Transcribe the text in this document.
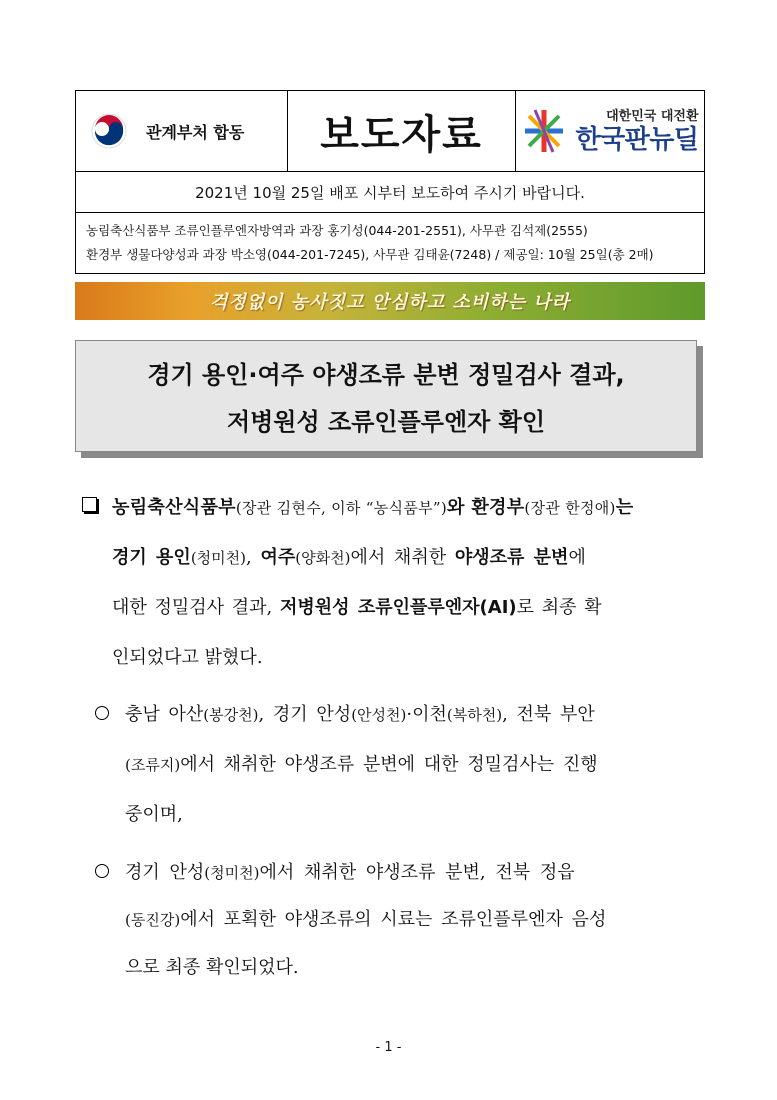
관계부처 합동 보도자료	대한민국 대전환
한국판뉴딜
2021년 10월 25일 배포 시부터 보도하여 주시기 바랍니다.
농림축산식품부 조류인플루엔자방역과 과장 홍기성(044-201-2551), 사무관 김석제(2555)
환경부 생물다양성과 과장 박소영(044-201-7245), 사무관 김태윤(7248) / 제공일: 10월 25일(총 2매)
걱정없이 농사짓고 안심하고 소비하는 나라
경기 용인·여주 야생조류 분변 정밀검사 결과,
저병원성 조류인플루엔자 확인
농림축산식품부(장관 김현수, 이하 “농식품부”)와 환경부(장관 한정애)는
경기 용인(청미천), 여주(양화천)에서 채취한 야생조류 분변에
대한 정밀검사 결과, 저병원성 조류인플루엔자(AI)로 최종 확
인되었다고 밝혔다.
충남 아산(봉강천), 경기 안성(안성천)·이천(복하천), 전북 부안
(조류지)에서 채취한 야생조류 분변에 대한 정밀검사는 진행
중이며,
경기 안성(청미천)에서 채취한 야생조류 분변, 전북 정읍
(동진강)에서 포획한 야생조류의 시료는 조류인플루엔자 음성
으로 최종 확인되었다.
- 1 -
